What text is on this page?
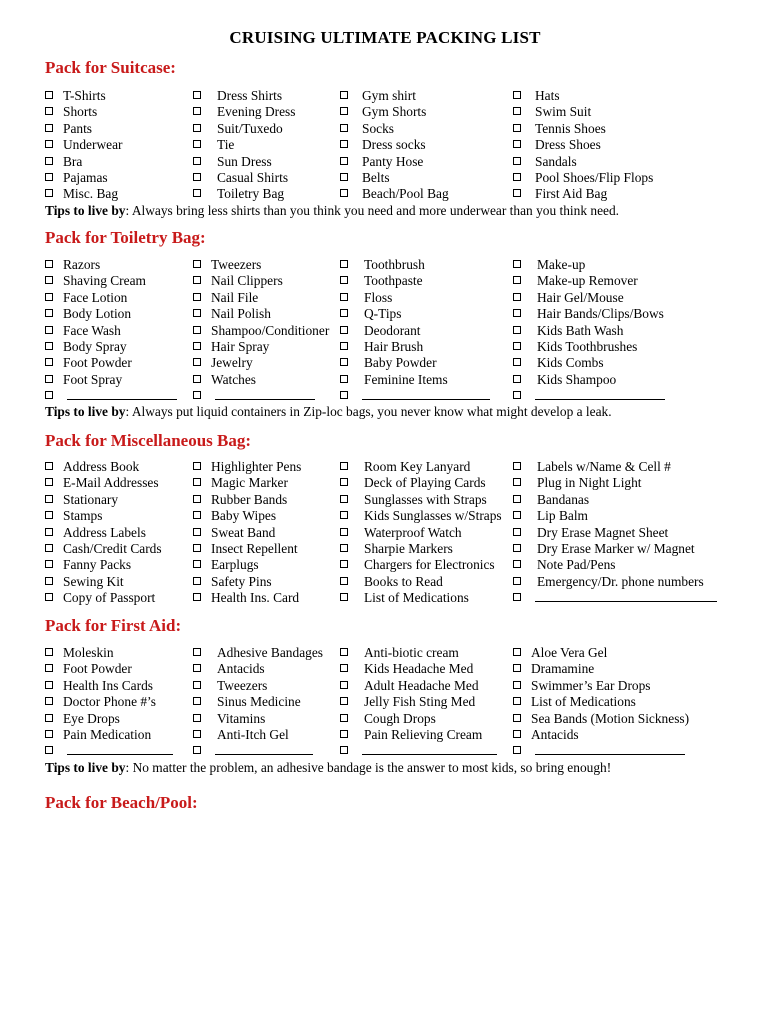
CRUISING ULTIMATE PACKING LIST
Pack for Suitcase:
T-Shirts
Shorts
Pants
Underwear
Bra
Pajamas
Misc. Bag
Dress Shirts
Evening Dress
Suit/Tuxedo
Tie
Sun Dress
Casual Shirts
Toiletry Bag
Gym shirt
Gym Shorts
Socks
Dress socks
Panty Hose
Belts
Beach/Pool Bag
Hats
Swim Suit
Tennis Shoes
Dress Shoes
Sandals
Pool Shoes/Flip Flops
First Aid Bag
Tips to live by: Always bring less shirts than you think you need and more underwear than you think need.
Pack for Toiletry Bag:
Razors
Shaving Cream
Face Lotion
Body Lotion
Face Wash
Body Spray
Foot Powder
Foot Spray
Tweezers
Nail Clippers
Nail File
Nail Polish
Shampoo/Conditioner
Hair Spray
Jewelry
Watches
Toothbrush
Toothpaste
Floss
Q-Tips
Deodorant
Hair Brush
Baby Powder
Feminine Items
Make-up
Make-up Remover
Hair Gel/Mouse
Hair Bands/Clips/Bows
Kids Bath Wash
Kids Toothbrushes
Kids Combs
Kids Shampoo
Tips to live by: Always put liquid containers in Zip-loc bags, you never know what might develop a leak.
Pack for Miscellaneous Bag:
Address Book
E-Mail Addresses
Stationary
Stamps
Address Labels
Cash/Credit Cards
Fanny Packs
Sewing Kit
Copy of Passport
Highlighter Pens
Magic Marker
Rubber Bands
Baby Wipes
Sweat Band
Insect Repellent
Earplugs
Safety Pins
Health Ins. Card
Room Key Lanyard
Deck of Playing Cards
Sunglasses with Straps
Kids Sunglasses w/Straps
Waterproof Watch
Sharpie Markers
Chargers for Electronics
Books to Read
List of Medications
Labels w/Name & Cell #
Plug in Night Light
Bandanas
Lip Balm
Dry Erase Magnet Sheet
Dry Erase Marker w/ Magnet
Note Pad/Pens
Emergency/Dr. phone numbers
Pack for First Aid:
Moleskin
Foot Powder
Health Ins Cards
Doctor Phone #’s
Eye Drops
Pain Medication
Adhesive Bandages
Antacids
Tweezers
Sinus Medicine
Vitamins
Anti-Itch Gel
Anti-biotic cream
Kids Headache Med
Adult Headache Med
Jelly Fish Sting Med
Cough Drops
Pain Relieving Cream
Aloe Vera Gel
Dramamine
Swimmer’s Ear Drops
List of Medications
Sea Bands (Motion Sickness)
Antacids
Tips to live by: No matter the problem, an adhesive bandage is the answer to most kids, so bring enough!
Pack for Beach/Pool:
